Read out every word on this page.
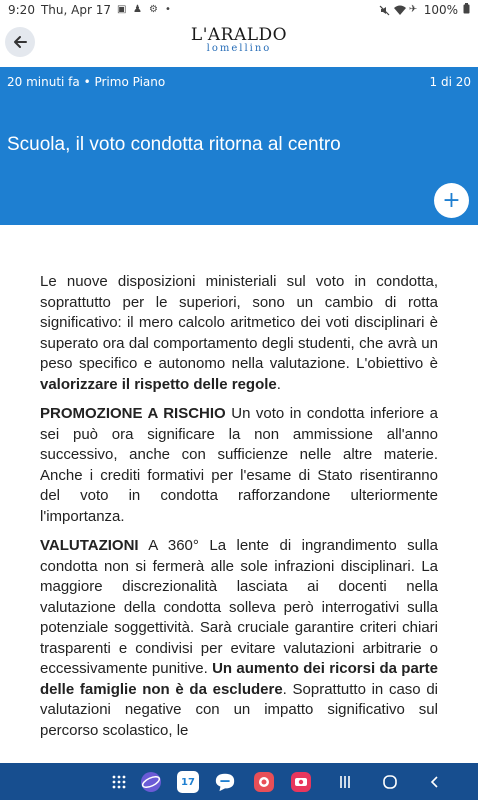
9:20 Thu, Apr 17 ▣ ♟ ⚙ •	✈ 100%
L'ARALDO
lomellino
20 minuti fa • Primo Piano	1 di 20
Scuola, il voto condotta ritorna al centro
+

Le nuove disposizioni ministeriali sul voto in condotta, soprattutto per le superiori, sono un cambio di rotta significativo: il mero calcolo aritmetico dei voti disciplinari è superato ora dal comportamento degli studenti, che avrà un peso specifico e autonomo nella valutazione. L'obiettivo è valorizzare il rispetto delle regole.

PROMOZIONE A RISCHIO Un voto in condotta inferiore a sei può ora significare la non ammissione all'anno successivo, anche con sufficienze nelle altre materie. Anche i crediti formativi per l'esame di Stato risentiranno del voto in condotta rafforzandone ulteriormente l'importanza.

VALUTAZIONI A 360° La lente di ingrandimento sulla condotta non si fermerà alle sole infrazioni disciplinari. La maggiore discrezionalità lasciata ai docenti nella valutazione della condotta solleva però interrogativi sulla potenziale soggettività. Sarà cruciale garantire criteri chiari trasparenti e condivisi per evitare valutazioni arbitrarie o eccessivamente punitive. Un aumento dei ricorsi da parte delle famiglie non è da escludere. Soprattutto in caso di valutazioni negative con un impatto significativo sul percorso scolastico, le

17
